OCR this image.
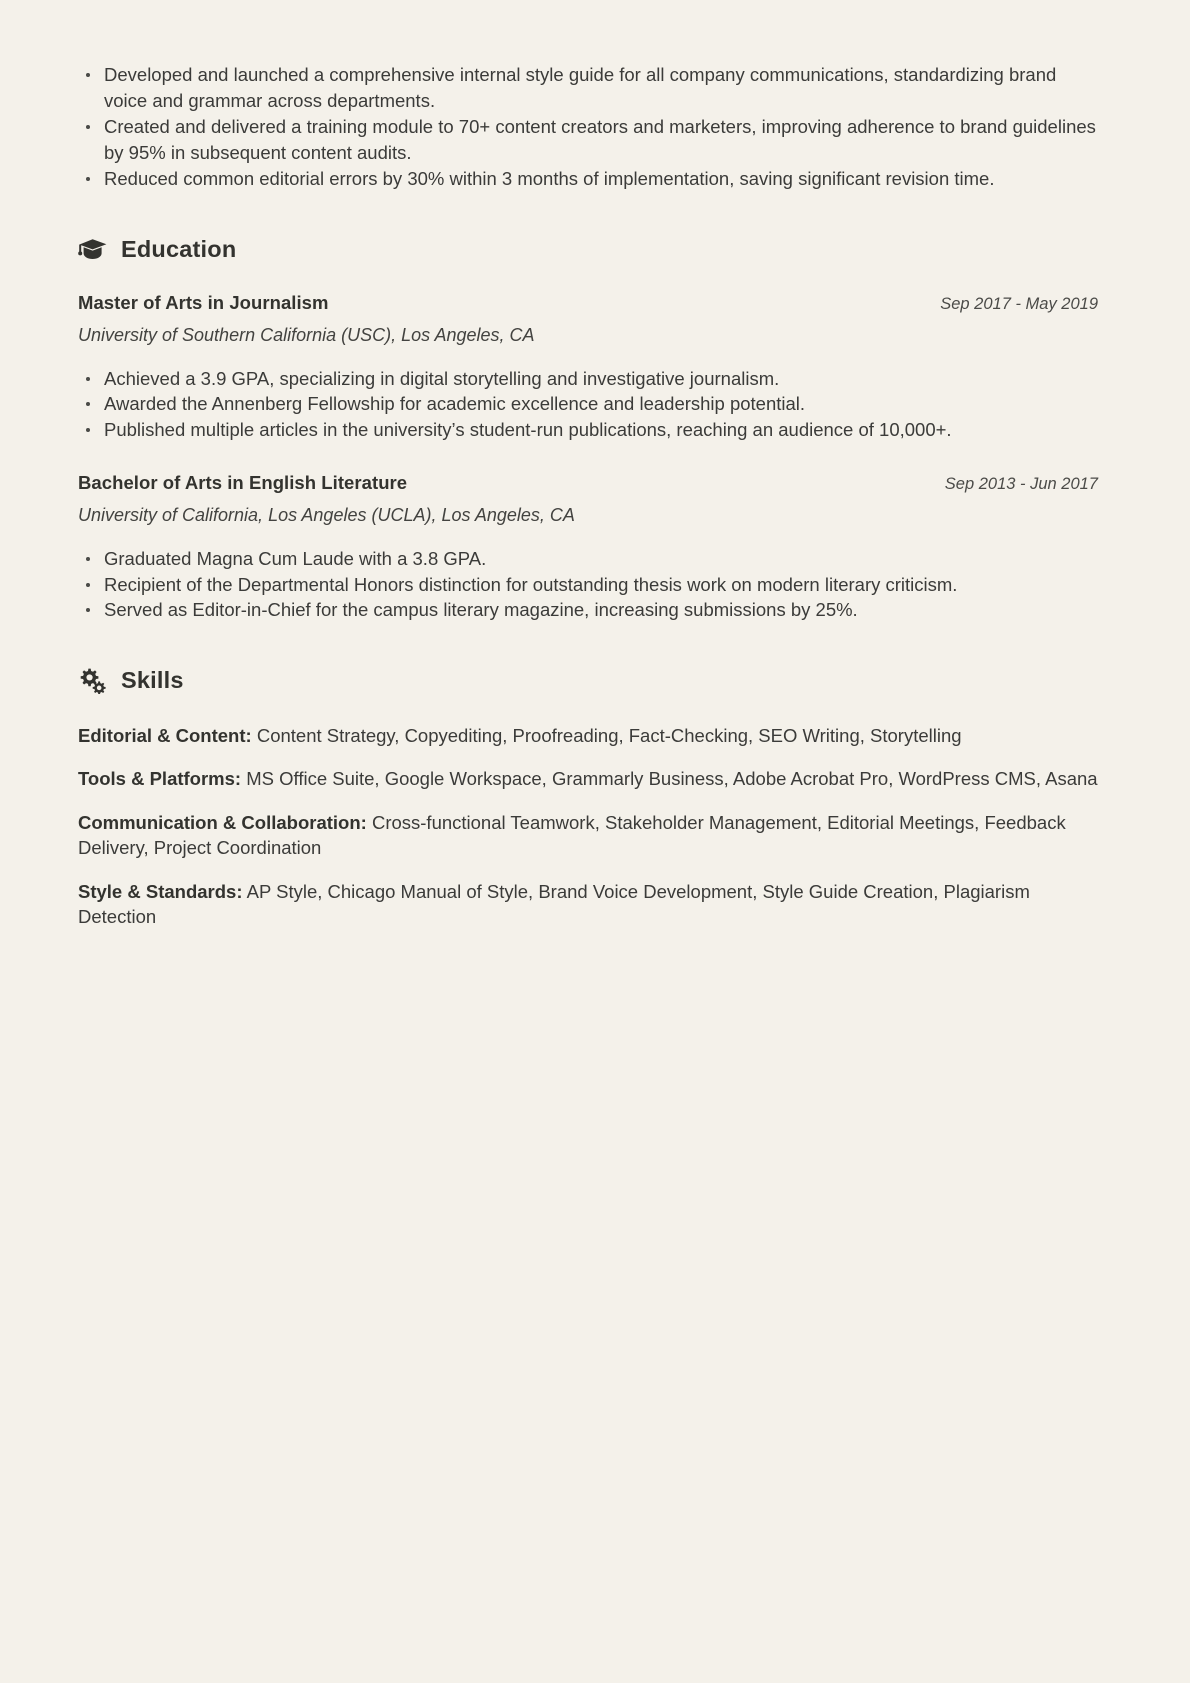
Developed and launched a comprehensive internal style guide for all company communications, standardizing brand voice and grammar across departments.
Created and delivered a training module to 70+ content creators and marketers, improving adherence to brand guidelines by 95% in subsequent content audits.
Reduced common editorial errors by 30% within 3 months of implementation, saving significant revision time.
Education
Master of Arts in Journalism	Sep 2017 - May 2019
University of Southern California (USC), Los Angeles, CA
Achieved a 3.9 GPA, specializing in digital storytelling and investigative journalism.
Awarded the Annenberg Fellowship for academic excellence and leadership potential.
Published multiple articles in the university’s student-run publications, reaching an audience of 10,000+.
Bachelor of Arts in English Literature	Sep 2013 - Jun 2017
University of California, Los Angeles (UCLA), Los Angeles, CA
Graduated Magna Cum Laude with a 3.8 GPA.
Recipient of the Departmental Honors distinction for outstanding thesis work on modern literary criticism.
Served as Editor-in-Chief for the campus literary magazine, increasing submissions by 25%.
Skills
Editorial & Content: Content Strategy, Copyediting, Proofreading, Fact-Checking, SEO Writing, Storytelling
Tools & Platforms: MS Office Suite, Google Workspace, Grammarly Business, Adobe Acrobat Pro, WordPress CMS, Asana
Communication & Collaboration: Cross-functional Teamwork, Stakeholder Management, Editorial Meetings, Feedback Delivery, Project Coordination
Style & Standards: AP Style, Chicago Manual of Style, Brand Voice Development, Style Guide Creation, Plagiarism Detection
